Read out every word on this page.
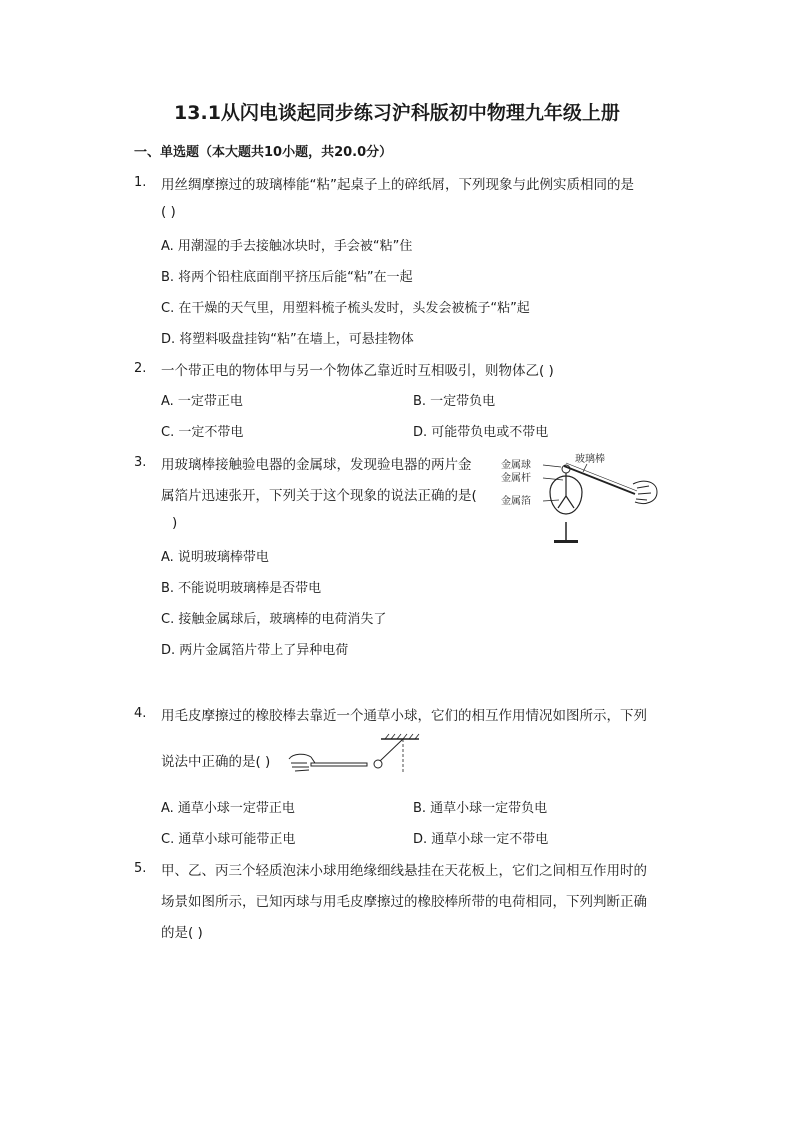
13.1从闪电谈起同步练习沪科版初中物理九年级上册
一、单选题（本大题共10小题，共20.0分）
1. 用丝绸摩擦过的玻璃棒能“粘”起桌子上的碎纸屑，下列现象与此例实质相同的是
( )
A. 用潮湿的手去接触冰块时，手会被“粘”住
B. 将两个铅柱底面削平挤压后能“粘”在一起
C. 在干燥的天气里，用塑料梳子梳头发时，头发会被梳子“粘”起
D. 将塑料吸盘挂钩“粘”在墙上，可悬挂物体
2. 一个带正电的物体甲与另一个物体乙靠近时互相吸引，则物体乙( )
A. 一定带正电	B. 一定带负电
C. 一定不带电	D. 可能带负电或不带电
3. 用玻璃棒接触验电器的金属球，发现验电器的两片金
属箔片迅速张开，下列关于这个现象的说法正确的是(
)
A. 说明玻璃棒带电
B. 不能说明玻璃棒是否带电
C. 接触金属球后，玻璃棒的电荷消失了
D. 两片金属箔片带上了异种电荷
金属球
金属杆
金属箔
玻璃棒
4. 用毛皮摩擦过的橡胶棒去靠近一个通草小球，它们的相互作用情况如图所示，下列
说法中正确的是( )
A. 通草小球一定带正电	B. 通草小球一定带负电
C. 通草小球可能带正电	D. 通草小球一定不带电
5. 甲、乙、丙三个轻质泡沫小球用绝缘细线悬挂在天花板上，它们之间相互作用时的
场景如图所示，已知丙球与用毛皮摩擦过的橡胶棒所带的电荷相同，下列判断正确
的是( )
